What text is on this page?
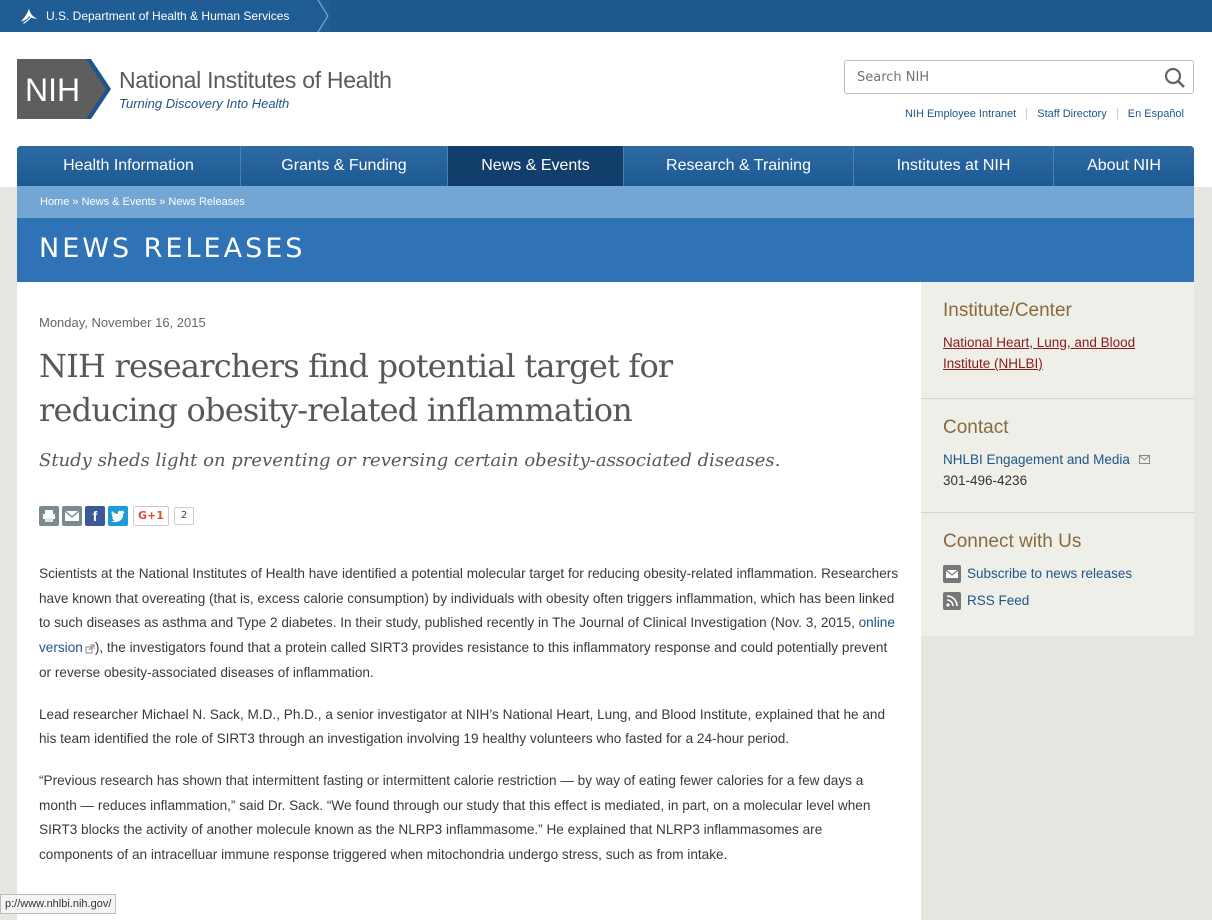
U.S. Department of Health & Human Services
NIH National Institutes of Health
Turning Discovery Into Health
Search NIH
NIH Employee Intranet	Staff Directory	En Español
Health Information	Grants & Funding	News & Events	Research & Training	Institutes at NIH	About NIH
Home » News & Events » News Releases
NEWS RELEASES
Monday, November 16, 2015
NIH researchers find potential target for reducing obesity-related inflammation
Study sheds light on preventing or reversing certain obesity-associated diseases.
f	G+1	2

Scientists at the National Institutes of Health have identified a potential molecular target for reducing obesity-related inflammation. Researchers have known that overeating (that is, excess calorie consumption) by individuals with obesity often triggers inflammation, which has been linked to such diseases as asthma and Type 2 diabetes. In their study, published recently in The Journal of Clinical Investigation (Nov. 3, 2015, online version ), the investigators found that a protein called SIRT3 provides resistance to this inflammatory response and could potentially prevent or reverse obesity-associated diseases of inflammation.

Lead researcher Michael N. Sack, M.D., Ph.D., a senior investigator at NIH’s National Heart, Lung, and Blood Institute, explained that he and his team identified the role of SIRT3 through an investigation involving 19 healthy volunteers who fasted for a 24-hour period.

“Previous research has shown that intermittent fasting or intermittent calorie restriction — by way of eating fewer calories for a few days a month — reduces inflammation,” said Dr. Sack. “We found through our study that this effect is mediated, in part, on a molecular level when SIRT3 blocks the activity of another molecule known as the NLRP3 inflammasome.” He explained that NLRP3 inflammasomes are components of an intracelluar immune response triggered when mitochondria undergo stress, such as from intake.

Institute/Center
National Heart, Lung, and Blood Institute (NHLBI)
Contact
NHLBI Engagement and Media
301-496-4236
Connect with Us
Subscribe to news releases
RSS Feed
p://www.nhlbi.nih.gov/
